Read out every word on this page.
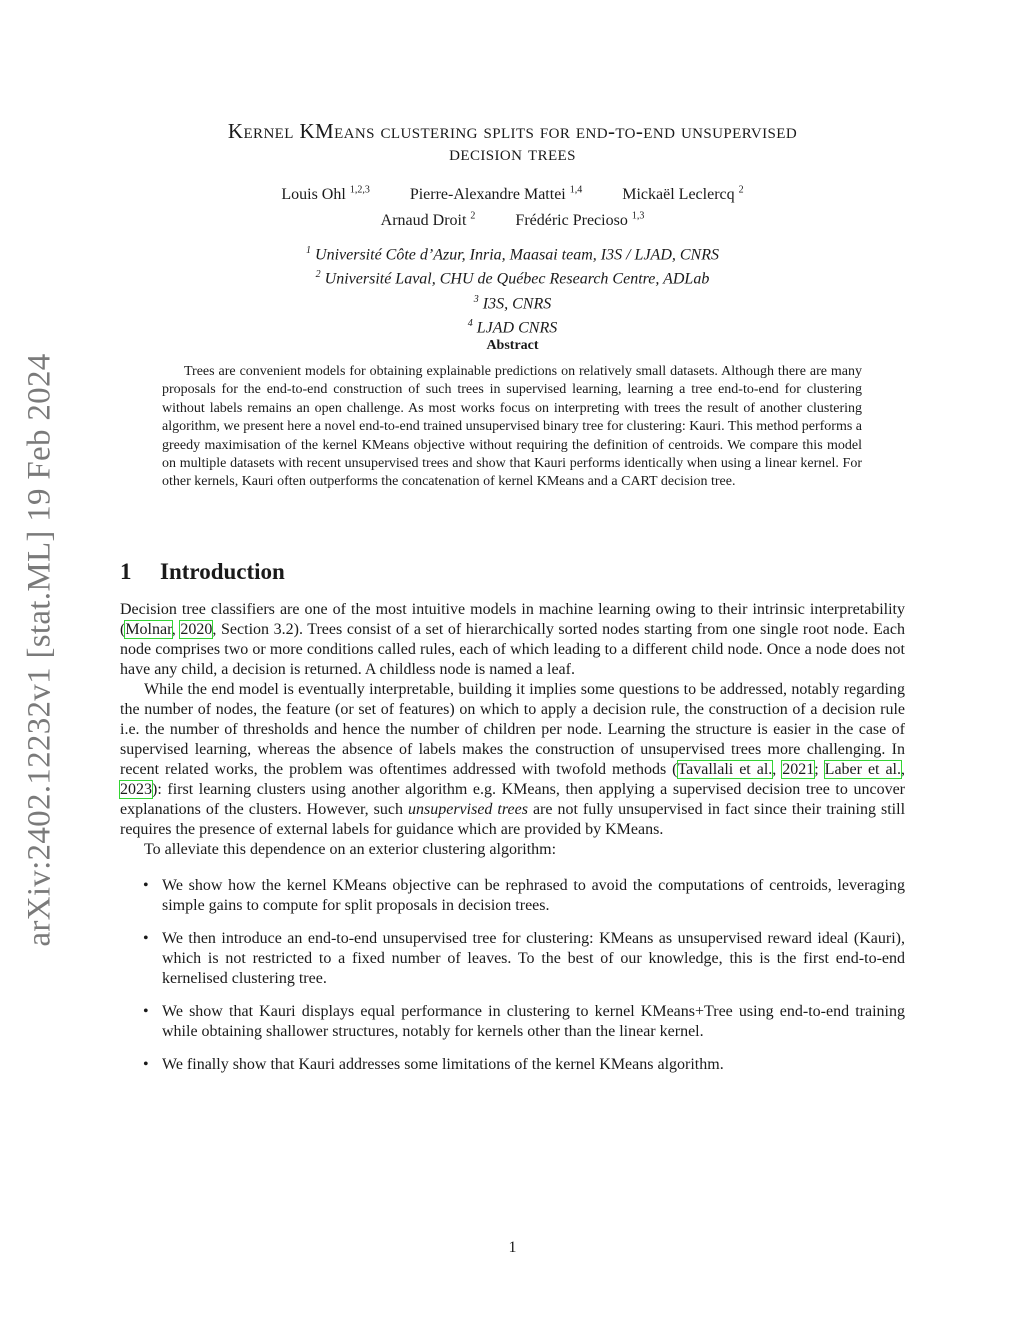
arXiv:2402.12232v1 [stat.ML] 19 Feb 2024
Kernel KMeans clustering splits for end-to-end unsupervised
decision trees
Louis Ohl $^{1,2,3}$	Pierre-Alexandre Mattei $^{1,4}$	Mickaël Leclercq $^2$
Arnaud Droit $^2$	Frédéric Precioso $^{1,3}$
$^1$ Université Côte d’Azur, Inria, Maasai team, I3S / LJAD, CNRS
$^2$ Université Laval, CHU de Québec Research Centre, ADLab
$^3$ I3S, CNRS
$^4$ LJAD CNRS
Abstract

Trees are convenient models for obtaining explainable predictions on relatively small datasets. Although there are many proposals for the end-to-end construction of such trees in supervised learning, learning a tree end-to-end for clustering without labels remains an open challenge. As most works focus on interpreting with trees the result of another clustering algorithm, we present here a novel end-to-end trained unsupervised binary tree for clustering: Kauri. This method performs a greedy maximisation of the kernel KMeans objective without requiring the definition of centroids. We compare this model on multiple datasets with recent unsupervised trees and show that Kauri performs identically when using a linear kernel. For other kernels, Kauri often outperforms the concatenation of kernel KMeans and a CART decision tree.

1 Introduction

Decision tree classifiers are one of the most intuitive models in machine learning owing to their intrinsic interpretability (Molnar, 2020, Section 3.2). Trees consist of a set of hierarchically sorted nodes starting from one single root node. Each node comprises two or more conditions called rules, each of which leading to a different child node. Once a node does not have any child, a decision is returned. A childless node is named a leaf.

While the end model is eventually interpretable, building it implies some questions to be addressed, notably regarding the number of nodes, the feature (or set of features) on which to apply a decision rule, the construction of a decision rule i.e. the number of thresholds and hence the number of children per node. Learning the structure is easier in the case of supervised learning, whereas the absence of labels makes the construction of unsupervised trees more challenging. In recent related works, the problem was oftentimes addressed with twofold methods (Tavallali et al., 2021; Laber et al., 2023): first learning clusters using another algorithm e.g. KMeans, then applying a supervised decision tree to uncover explanations of the clusters. However, such unsupervised trees are not fully unsupervised in fact since their training still requires the presence of external labels for guidance which are provided by KMeans.

To alleviate this dependence on an exterior clustering algorithm:

• We show how the kernel KMeans objective can be rephrased to avoid the computations of centroids, leveraging simple gains to compute for split proposals in decision trees.
• We then introduce an end-to-end unsupervised tree for clustering: KMeans as unsupervised reward ideal (Kauri), which is not restricted to a fixed number of leaves. To the best of our knowledge, this is the first end-to-end kernelised clustering tree.
• We show that Kauri displays equal performance in clustering to kernel KMeans+Tree using end-to-end training while obtaining shallower structures, notably for kernels other than the linear kernel.
• We finally show that Kauri addresses some limitations of the kernel KMeans algorithm.
1
